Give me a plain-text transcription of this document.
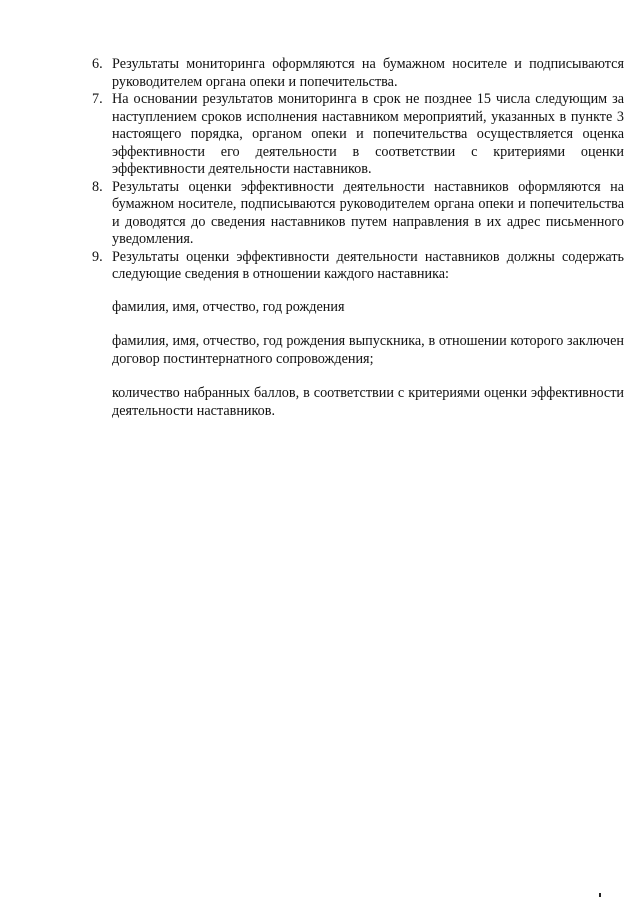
6. Результаты мониторинга оформляются на бумажном носителе и подписываются руководителем органа опеки и попечительства.
7. На основании результатов мониторинга в срок не позднее 15 числа следующим за наступлением сроков исполнения наставником мероприятий, указанных в пункте 3 настоящего порядка, органом опеки и попечительства осуществляется оценка эффективности его деятельности в соответствии с критериями оценки эффективности деятельности наставников.
8. Результаты оценки эффективности деятельности наставников оформляются на бумажном носителе, подписываются руководителем органа опеки и попечительства и доводятся до сведения наставников путем направления в их адрес письменного уведомления.
9. Результаты оценки эффективности деятельности наставников должны содержать следующие сведения в отношении каждого наставника:

фамилия, имя, отчество, год рождения

фамилия, имя, отчество, год рождения выпускника, в отношении которого заключен договор постинтернатного сопровождения;

количество набранных баллов, в соответствии с критериями оценки эффективности деятельности наставников.
